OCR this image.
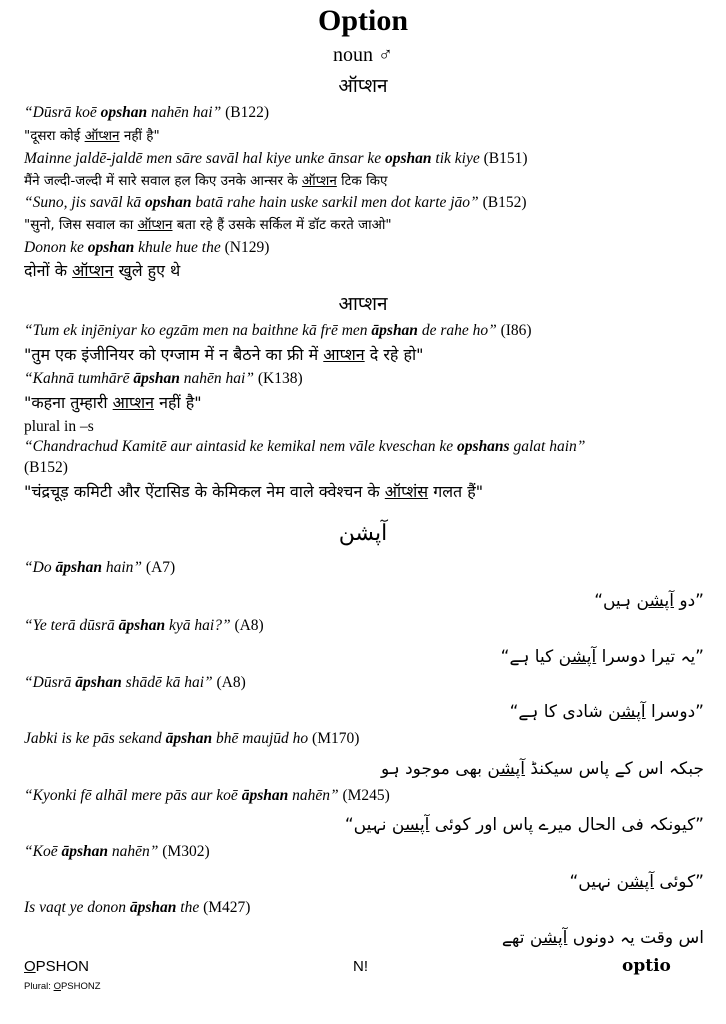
Option

noun ♂

ऑप्शन

“Dūsrā koē opshan nahēn hai” (B122)

"दूसरा कोई ऑप्शन नहीं है"

Mainne jaldē-jaldē men sāre savāl hal kiye unke ānsar ke opshan tik kiye (B151)

मैंने जल्दी-जल्दी में सारे सवाल हल किए उनके आन्सर के ऑप्शन टिक किए

“Suno, jis savāl kā opshan batā rahe hain uske sarkil men dot karte jāo” (B152)

"सुनो, जिस सवाल का ऑप्शन बता रहे हैं उसके सर्किल में डॉट करते जाओ"

Donon ke opshan khule hue the (N129)

दोनों के ऑप्शन खुले हुए थे

आप्शन

“Tum ek injēniyar ko egzām men na baithne kā frē men āpshan de rahe ho” (I86)

"तुम एक इंजीनियर को एग्जाम में न बैठने का फ्री में आप्शन दे रहे हो"

“Kahnā tumhārē āpshan nahēn hai” (K138)

"कहना तुम्हारी आप्शन नहीं है"

plural in –s

“Chandrachud Kamitē aur aintasid ke kemikal nem vāle kveschan ke opshans galat hain”

(B152)

"चंद्रचूड़ कमिटी और ऐंटासिड के केमिकल नेम वाले क्वेश्चन के ऑप्शंस गलत हैं"

آپشن

“Do āpshan hain” (A7)

”دو آپشن ہیں“

“Ye terā dūsrā āpshan kyā hai?” (A8)

”یہ تیرا دوسرا آپشن کیا ہے“

“Dūsrā āpshan shādē kā hai” (A8)

”دوسرا آپشن شادی کا ہے“

Jabki is ke pās sekand āpshan bhē maujūd ho (M170)

جبکہ اس کے پاس سیکنڈ آپشن بھی موجود ہو

“Kyonki fē alhāl mere pās aur koē āpshan nahēn” (M245)

”کیونکہ فی الحال میرے پاس اور کوئی آپسن نہیں“

“Koē āpshan nahēn” (M302)

”کوئی آپشن نہیں“

Is vaqt ye donon āpshan the (M427)

اس وقت یہ دونوں آپشن تھے

OPSHON

Plural: OPSHONZ

N!	optio
